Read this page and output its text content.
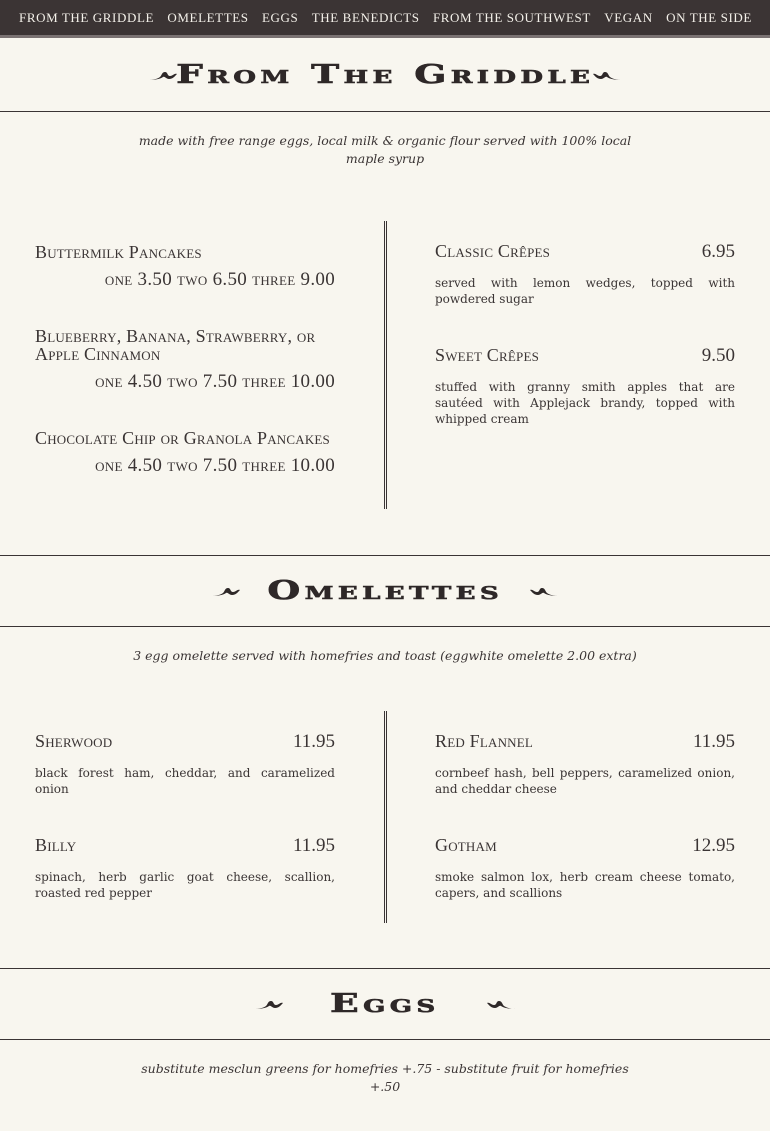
FROM THE GRIDDLE OMELETTES EGGS THE BENEDICTS FROM THE SOUTHWEST VEGAN ON THE SIDE
From The Griddle
made with free range eggs, local milk & organic flour served with 100% local maple syrup
Buttermilk Pancakes
one 3.50 two 6.50 three 9.00
Blueberry, Banana, Strawberry, or Apple Cinnamon
one 4.50 two 7.50 three 10.00
Chocolate Chip or Granola Pancakes
one 4.50 two 7.50 three 10.00
Classic Crêpes	6.95
served with lemon wedges, topped with powdered sugar
Sweet Crêpes	9.50
stuffed with granny smith apples that are sautéed with Applejack brandy, topped with whipped cream
Omelettes
3 egg omelette served with homefries and toast (eggwhite omelette 2.00 extra)
Sherwood	11.95
black forest ham, cheddar, and caramelized onion
Billy	11.95
spinach, herb garlic goat cheese, scallion, roasted red pepper
Red Flannel	11.95
cornbeef hash, bell peppers, caramelized onion, and cheddar cheese
Gotham	12.95
smoke salmon lox, herb cream cheese tomato, capers, and scallions
Eggs
substitute mesclun greens for homefries +.75 - substitute fruit for homefries +.50
